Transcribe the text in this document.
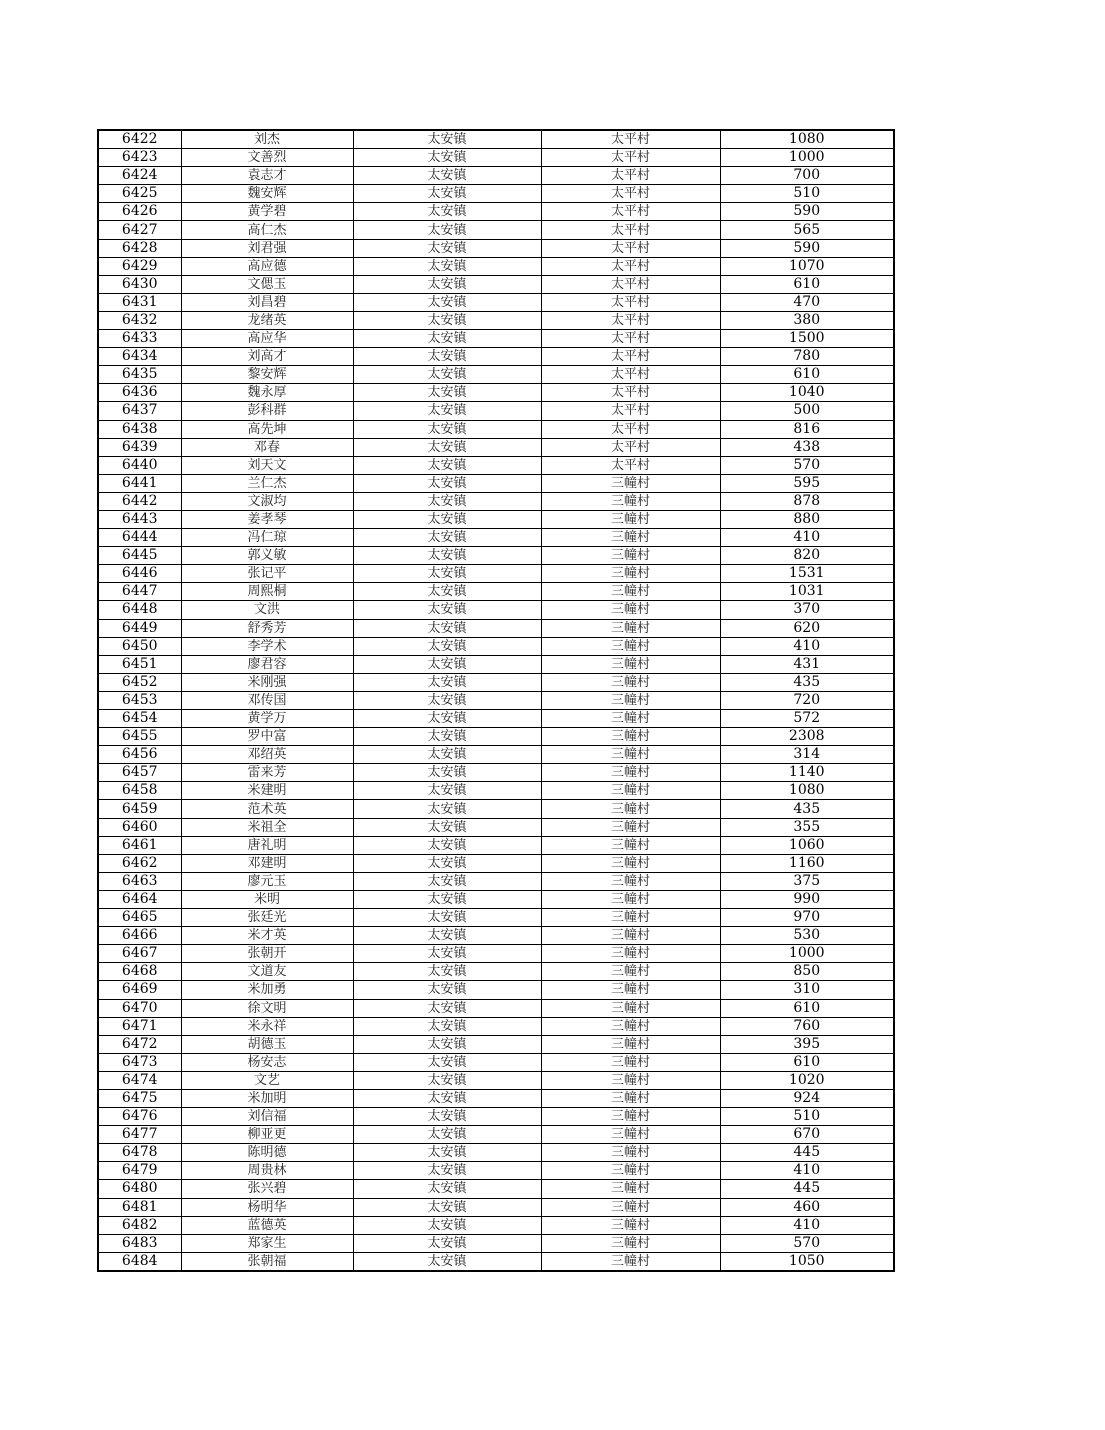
6422	刘杰	太安镇	太平村	1080
6423	文善烈	太安镇	太平村	1000
6424	袁志才	太安镇	太平村	700
6425	魏安辉	太安镇	太平村	510
6426	黄学碧	太安镇	太平村	590
6427	高仁杰	太安镇	太平村	565
6428	刘君强	太安镇	太平村	590
6429	高应德	太安镇	太平村	1070
6430	文偲玉	太安镇	太平村	610
6431	刘昌碧	太安镇	太平村	470
6432	龙绪英	太安镇	太平村	380
6433	高应华	太安镇	太平村	1500
6434	刘高才	太安镇	太平村	780
6435	黎安辉	太安镇	太平村	610
6436	魏永厚	太安镇	太平村	1040
6437	彭科群	太安镇	太平村	500
6438	高先坤	太安镇	太平村	816
6439	邓春	太安镇	太平村	438
6440	刘天文	太安镇	太平村	570
6441	兰仁杰	太安镇	三幢村	595
6442	文淑均	太安镇	三幢村	878
6443	姜孝琴	太安镇	三幢村	880
6444	冯仁琼	太安镇	三幢村	410
6445	郭义敏	太安镇	三幢村	820
6446	张记平	太安镇	三幢村	1531
6447	周熙桐	太安镇	三幢村	1031
6448	文洪	太安镇	三幢村	370
6449	舒秀芳	太安镇	三幢村	620
6450	李学术	太安镇	三幢村	410
6451	廖君容	太安镇	三幢村	431
6452	米刚强	太安镇	三幢村	435
6453	邓传国	太安镇	三幢村	720
6454	黄学万	太安镇	三幢村	572
6455	罗中富	太安镇	三幢村	2308
6456	邓绍英	太安镇	三幢村	314
6457	雷来芳	太安镇	三幢村	1140
6458	米建明	太安镇	三幢村	1080
6459	范术英	太安镇	三幢村	435
6460	米祖全	太安镇	三幢村	355
6461	唐礼明	太安镇	三幢村	1060
6462	邓建明	太安镇	三幢村	1160
6463	廖元玉	太安镇	三幢村	375
6464	米明	太安镇	三幢村	990
6465	张廷光	太安镇	三幢村	970
6466	米才英	太安镇	三幢村	530
6467	张朝开	太安镇	三幢村	1000
6468	文道友	太安镇	三幢村	850
6469	米加勇	太安镇	三幢村	310
6470	徐文明	太安镇	三幢村	610
6471	米永祥	太安镇	三幢村	760
6472	胡德玉	太安镇	三幢村	395
6473	杨安志	太安镇	三幢村	610
6474	文艺	太安镇	三幢村	1020
6475	米加明	太安镇	三幢村	924
6476	刘信福	太安镇	三幢村	510
6477	柳亚更	太安镇	三幢村	670
6478	陈明德	太安镇	三幢村	445
6479	周贵林	太安镇	三幢村	410
6480	张兴碧	太安镇	三幢村	445
6481	杨明华	太安镇	三幢村	460
6482	蓝德英	太安镇	三幢村	410
6483	郑家生	太安镇	三幢村	570
6484	张朝福	太安镇	三幢村	1050
